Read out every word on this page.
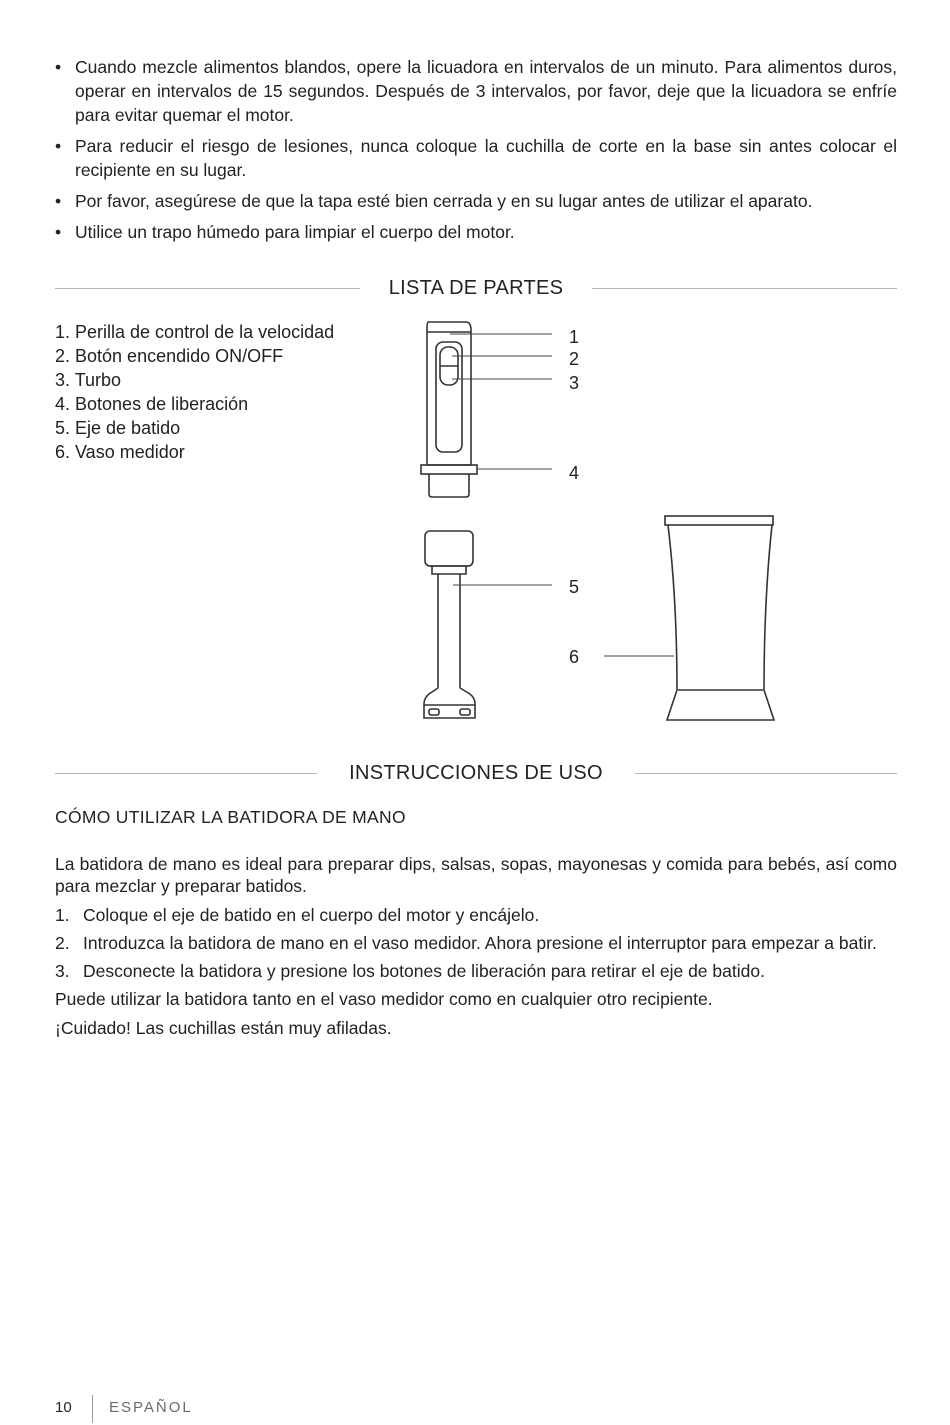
• Cuando mezcle alimentos blandos, opere la licuadora en intervalos de un minuto. Para alimentos duros, operar en intervalos de 15 segundos. Después de 3 intervalos, por favor, deje que la licuadora se enfríe para evitar quemar el motor.
• Para reducir el riesgo de lesiones, nunca coloque la cuchilla de corte en la base sin antes colocar el recipiente en su lugar.
• Por favor, asegúrese de que la tapa esté bien cerrada y en su lugar antes de utilizar el aparato.
• Utilice un trapo húmedo para limpiar el cuerpo del motor.
LISTA DE PARTES
1. Perilla de control de la velocidad
2. Botón encendido ON/OFF
3. Turbo
4. Botones de liberación
5. Eje de batido
6. Vaso medidor
1
2
3
4
5
6
INSTRUCCIONES DE USO
CÓMO UTILIZAR LA BATIDORA DE MANO

La batidora de mano es ideal para preparar dips, salsas, sopas, mayonesas y comida para bebés, así como para mezclar y preparar batidos.

1. Coloque el eje de batido en el cuerpo del motor y encájelo.
2. Introduzca la batidora de mano en el vaso medidor. Ahora presione el interruptor para empezar a batir.
3. Desconecte la batidora y presione los botones de liberación para retirar el eje de batido.

Puede utilizar la batidora tanto en el vaso medidor como en cualquier otro recipiente.

¡Cuidado! Las cuchillas están muy afiladas.

10 ESPAÑOL
